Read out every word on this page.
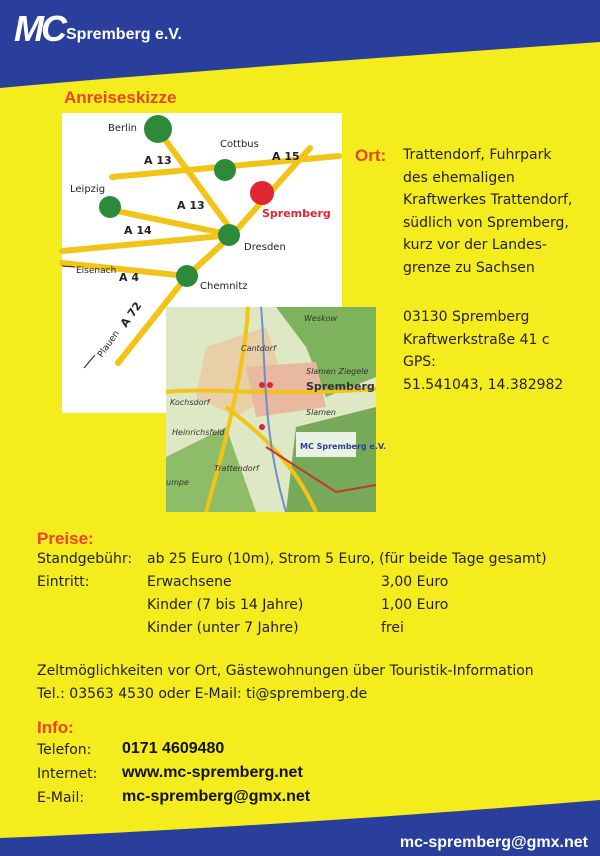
MC Spremberg e.V.
Anreiseskizze
Berlin
Cottbus
Leipzig
Spremberg
Dresden
Chemnitz
A 13	A 15
A 13
A 14
A 4
A 72
Eisenach
Plauen
Weskow
Cantdorf
Spremberg
Slamen Ziegele
Slamen
Kochsdorf
Heinrichsfeld
Trattendorf
umpe
MC Spremberg e.V.
Ort: Trattendorf, Fuhrpark
des ehemaligen
Kraftwerkes Trattendorf,
südlich von Spremberg,
kurz vor der Landes-
grenze zu Sachsen
03130 Spremberg
Kraftwerkstraße 41 c
GPS:
51.541043, 14.382982
Preise:
Standgebühr: ab 25 Euro (10m), Strom 5 Euro, (für beide Tage gesamt)
Eintritt:	Erwachsene	3,00 Euro
Kinder (7 bis 14 Jahre)	1,00 Euro
Kinder (unter 7 Jahre)	frei
Zeltmöglichkeiten vor Ort, Gästewohnungen über Touristik-Information
Tel.: 03563 4530 oder E-Mail: ti@spremberg.de
Info:
Telefon: 0171 4609480
Internet: www.mc-spremberg.net
E-Mail: mc-spremberg@gmx.net
mc-spremberg@gmx.net
